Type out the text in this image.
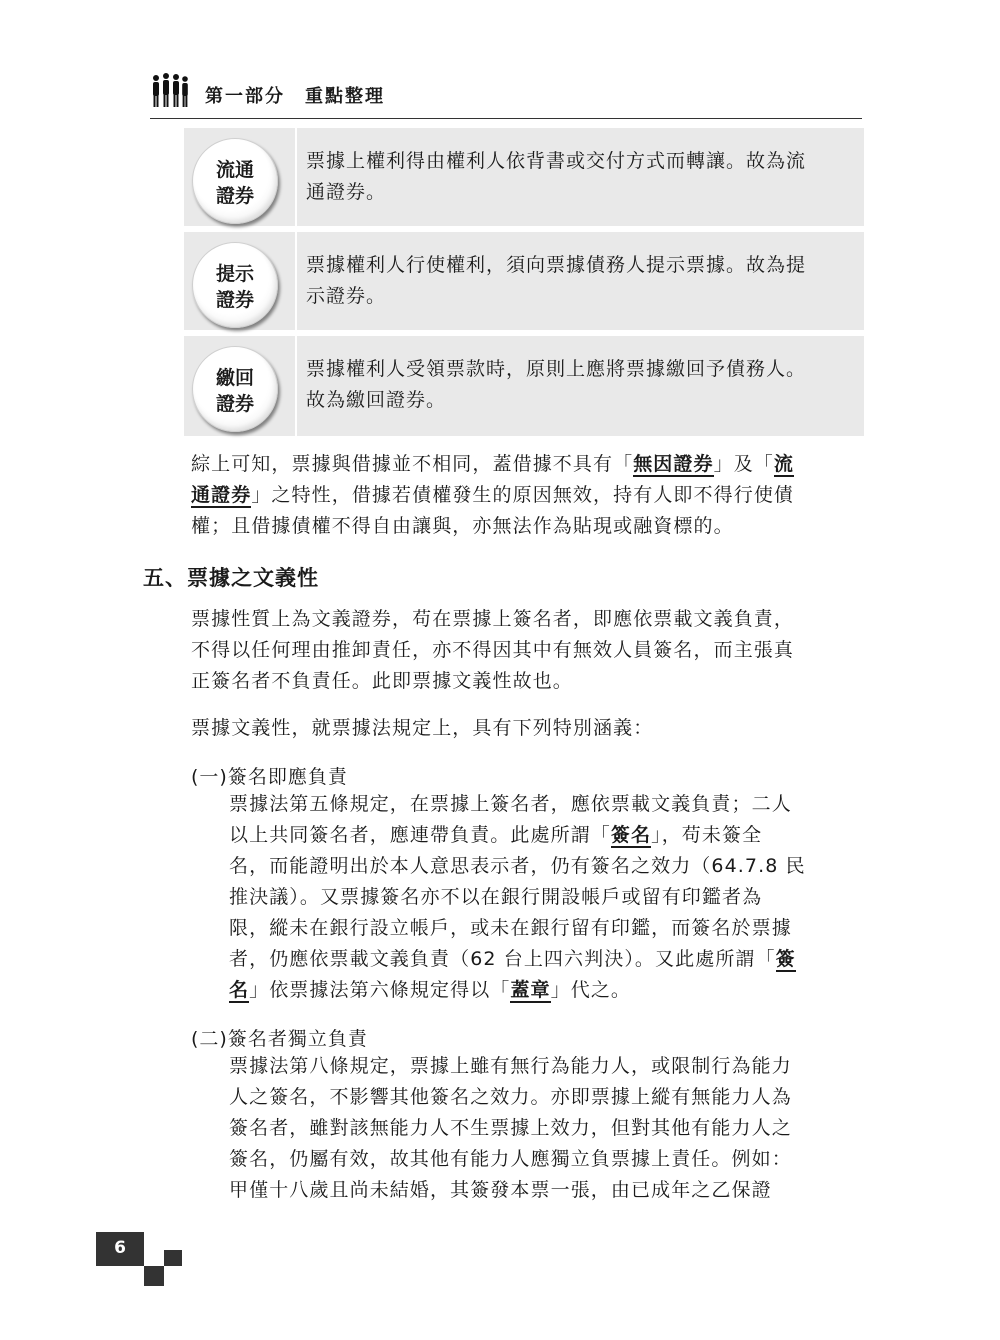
第一部分 重點整理
流通
證券
票據上權利得由權利人依背書或交付方式而轉讓。故為流
通證券。
提示
證券
票據權利人行使權利，須向票據債務人提示票據。故為提
示證券。
繳回
證券
票據權利人受領票款時，原則上應將票據繳回予債務人。
故為繳回證券。
綜上可知，票據與借據並不相同，蓋借據不具有「無因證券」及「流
通證券」之特性，借據若債權發生的原因無效，持有人即不得行使債
權；且借據債權不得自由讓與，亦無法作為貼現或融資標的。
五、票據之文義性
票據性質上為文義證券，苟在票據上簽名者，即應依票載文義負責，
不得以任何理由推卸責任，亦不得因其中有無效人員簽名，而主張真
正簽名者不負責任。此即票據文義性故也。
票據文義性，就票據法規定上，具有下列特別涵義：
(一)簽名即應負責
票據法第五條規定，在票據上簽名者，應依票載文義負責；二人
以上共同簽名者，應連帶負責。此處所謂「簽名」，苟未簽全
名，而能證明出於本人意思表示者，仍有簽名之效力（64.7.8 民
推決議）。又票據簽名亦不以在銀行開設帳戶或留有印鑑者為
限，縱未在銀行設立帳戶，或未在銀行留有印鑑，而簽名於票據
者，仍應依票載文義負責（62 台上四六判決）。又此處所謂「簽
名」依票據法第六條規定得以「蓋章」代之。
(二)簽名者獨立負責
票據法第八條規定，票據上雖有無行為能力人，或限制行為能力
人之簽名，不影響其他簽名之效力。亦即票據上縱有無能力人為
簽名者，雖對該無能力人不生票據上效力，但對其他有能力人之
簽名，仍屬有效，故其他有能力人應獨立負票據上責任。例如：
甲僅十八歲且尚未結婚，其簽發本票一張，由已成年之乙保證
6
